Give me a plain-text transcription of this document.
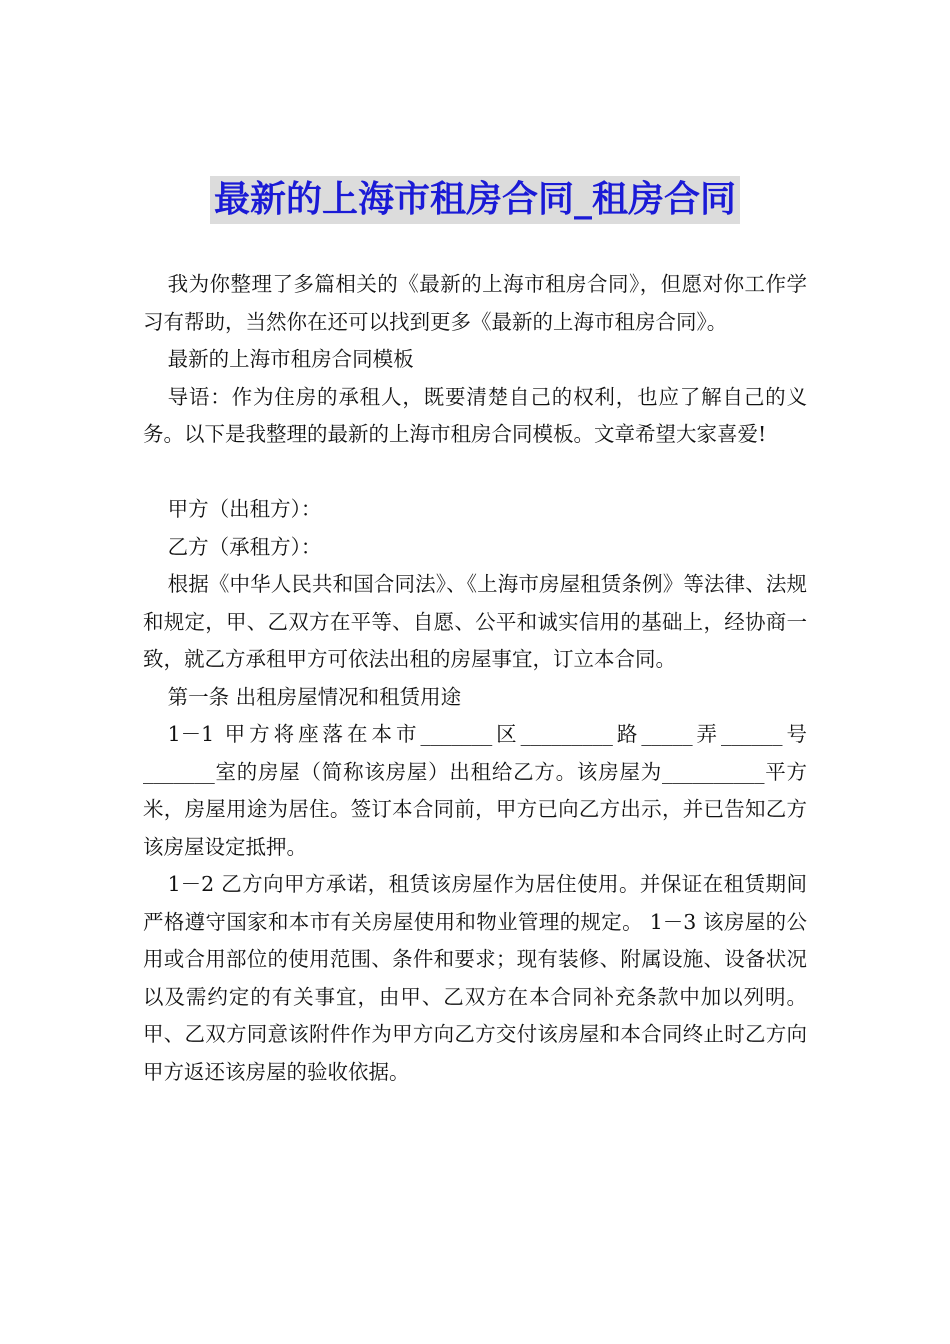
最新的上海市租房合同_租房合同

我为你整理了多篇相关的《最新的上海市租房合同》，但愿对你工作学习有帮助，当然你在还可以找到更多《最新的上海市租房合同》。

最新的上海市租房合同模板

导语：作为住房的承租人，既要清楚自己的权利，也应了解自己的义务。以下是我整理的最新的上海市租房合同模板。文章希望大家喜爱!

甲方（出租方）：

乙方（承租方）：

根据《中华人民共和国合同法》、《上海市房屋租赁条例》等法律、法规和规定，甲、乙双方在平等、自愿、公平和诚实信用的基础上，经协商一致，就乙方承租甲方可依法出租的房屋事宜，订立本合同。

第一条 出租房屋情况和租赁用途

1－1 甲方将座落在本市_______区_________路_____弄______号_______室的房屋（简称该房屋）出租给乙方。该房屋为__________平方米，房屋用途为居住。签订本合同前，甲方已向乙方出示，并已告知乙方该房屋设定抵押。

1－2 乙方向甲方承诺，租赁该房屋作为居住使用。并保证在租赁期间严格遵守国家和本市有关房屋使用和物业管理的规定。 1－3 该房屋的公用或合用部位的使用范围、条件和要求；现有装修、附属设施、设备状况以及需约定的有关事宜，由甲、乙双方在本合同补充条款中加以列明。甲、乙双方同意该附件作为甲方向乙方交付该房屋和本合同终止时乙方向甲方返还该房屋的验收依据。
